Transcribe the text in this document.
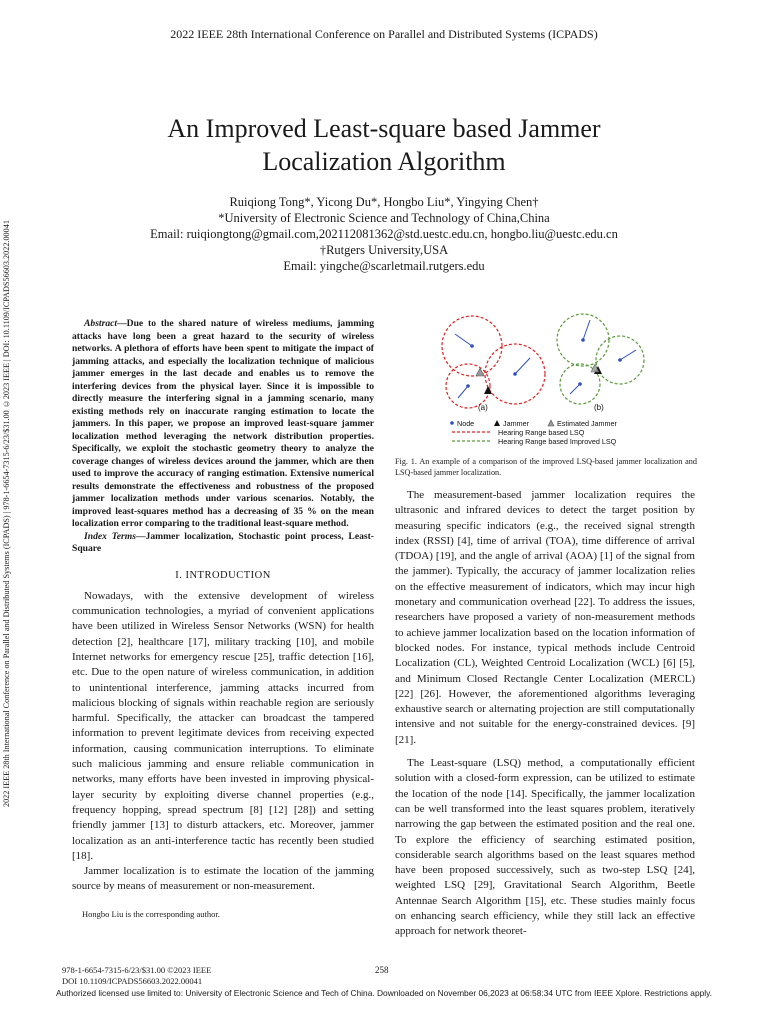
2022 IEEE 28th International Conference on Parallel and Distributed Systems (ICPADS)
2022 IEEE 28th International Conference on Parallel and Distributed Systems (ICPADS) | 978-1-6654-7315-6/23/$31.00 ©2023 IEEE | DOI: 10.1109/ICPADS56603.2022.00041
An Improved Least-square based Jammer Localization Algorithm
Ruiqiong Tong*, Yicong Du*, Hongbo Liu*, Yingying Chen†
*University of Electronic Science and Technology of China,China
Email: ruiqiongtong@gmail.com,202112081362@std.uestc.edu.cn, hongbo.liu@uestc.edu.cn
†Rutgers University,USA
Email: yingche@scarletmail.rutgers.edu

Abstract—Due to the shared nature of wireless mediums, jamming attacks have long been a great hazard to the security of wireless networks. A plethora of efforts have been spent to mitigate the impact of jamming attacks, and especially the localization technique of malicious jammer emerges in the last decade and enables us to remove the interfering devices from the physical layer. Since it is impossible to directly measure the interfering signal in a jamming scenario, many existing methods rely on inaccurate ranging estimation to locate the jammers. In this paper, we propose an improved least-square jammer localization method leveraging the network distribution properties. Specifically, we exploit the stochastic geometry theory to analyze the coverage changes of wireless devices around the jammer, which are then used to improve the accuracy of ranging estimation. Extensive numerical results demonstrate the effectiveness and robustness of the proposed jammer localization methods under various scenarios. Notably, the improved least-squares method has a decreasing of 35 % on the mean localization error comparing to the traditional least-square method.

Index Terms—Jammer localization, Stochastic point process, Least-Square

I. INTRODUCTION

Nowadays, with the extensive development of wireless communication technologies, a myriad of convenient applications have been utilized in Wireless Sensor Networks (WSN) for health detection [2], healthcare [17], military tracking [10], and mobile Internet networks for emergency rescue [25], traffic detection [16], etc. Due to the open nature of wireless communication, in addition to unintentional interference, jamming attacks incurred from malicious blocking of signals within reachable region are seriously harmful. Specifically, the attacker can broadcast the tampered information to prevent legitimate devices from receiving expected information, causing communication interruptions. To eliminate such malicious jamming and ensure reliable communication in networks, many efforts have been invested in improving physical-layer security by exploiting diverse channel properties (e.g., frequency hopping, spread spectrum [8] [12] [28]) and setting friendly jammer [13] to disturb attackers, etc. Moreover, jammer localization as an anti-interference tactic has recently been studied [18].

Jammer localization is to estimate the location of the jamming source by means of measurement or non-measurement.

Hongbo Liu is the corresponding author.
(a)	(b)
Node	Jammer	Estimated Jammer
Hearing Range based LSQ
Hearing Range based Improved LSQ
Fig. 1. An example of a comparison of the improved LSQ-based jammer localization and LSQ-based jammer localization.

The measurement-based jammer localization requires the ultrasonic and infrared devices to detect the target position by measuring specific indicators (e.g., the received signal strength index (RSSI) [4], time of arrival (TOA), time difference of arrival (TDOA) [19], and the angle of arrival (AOA) [1] of the signal from the jammer). Typically, the accuracy of jammer localization relies on the effective measurement of indicators, which may incur high monetary and communication overhead [22]. To address the issues, researchers have proposed a variety of non-measurement methods to achieve jammer localization based on the location information of blocked nodes. For instance, typical methods include Centroid Localization (CL), Weighted Centroid Localization (WCL) [6] [5], and Minimum Closed Rectangle Center Localization (MERCL) [22] [26]. However, the aforementioned algorithms leveraging exhaustive search or alternating projection are still computationally intensive and not suitable for the energy-constrained devices. [9] [21].

The Least-square (LSQ) method, a computationally efficient solution with a closed-form expression, can be utilized to estimate the location of the node [14]. Specifically, the jammer localization can be well transformed into the least squares problem, iteratively narrowing the gap between the estimated position and the real one. To explore the efficiency of searching estimated position, considerable search algorithms based on the least squares method have been proposed successively, such as two-step LSQ [24], weighted LSQ [29], Gravitational Search Algorithm, Beetle Antennae Search Algorithm [15], etc. These studies mainly focus on enhancing search efficiency, while they still lack an effective approach for network theoret-

978-1-6654-7315-6/23/$31.00 ©2023 IEEE
DOI 10.1109/ICPADS56603.2022.00041
258
Authorized licensed use limited to: University of Electronic Science and Tech of China. Downloaded on November 06,2023 at 06:58:34 UTC from IEEE Xplore. Restrictions apply.
